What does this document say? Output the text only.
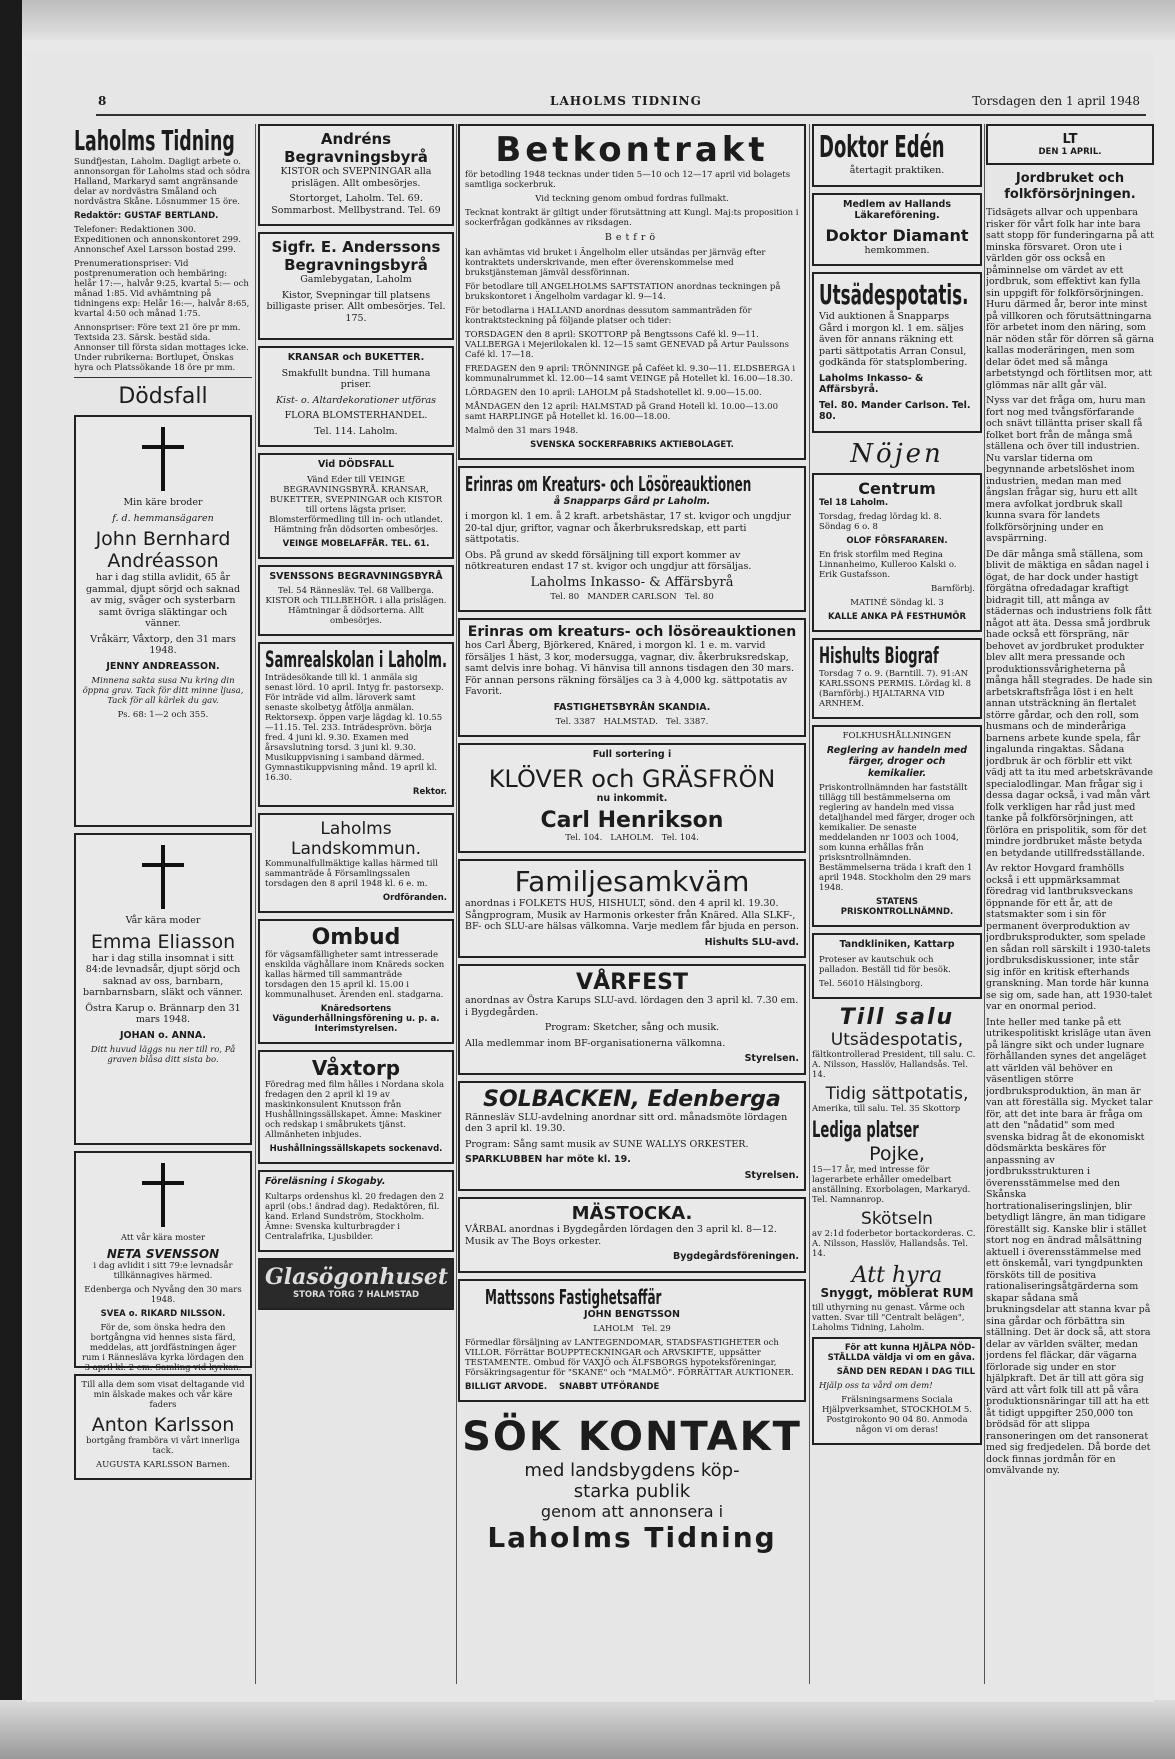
8	LAHOLMS TIDNING	Torsdagen den 1 april 1948
Laholms Tidning

Sundfjestan, Laholm. Dagligt arbete o. annonsorgan för Laholms stad och södra Halland, Markaryd samt angränsande delar av nordvästra Småland och nordvästra Skåne. Lösnummer 15 öre.

Redaktör: GUSTAF BERTLAND.

Telefoner: Redaktionen 300. Expeditionen och annonskontoret 299. Annonschef Axel Larsson bostad 299.

Prenumerationspriser: Vid postprenumeration och hembäring: helår 17:—, halvår 9:25, kvartal 5:— och månad 1:85. Vid avhämtning på tidningens exp: Helår 16:—, halvår 8:65, kvartal 4:50 och månad 1:75.

Annonspriser: Före text 21 öre pr mm. Textsida 23. Särsk. bestäd sida. Annonser till första sidan mottages icke. Under rubrikerna: Bortlupet, Önskas hyra och Platssökande 18 öre pr mm.

Dödsfall

Min käre broder

f. d. hemmansägaren

John Bernhard
Andréasson

har i dag stilla avlidit, 65 år gammal, djupt sörjd och saknad av mig, svåger och systerbarn samt övriga släktingar och vänner.

Vråkärr, Våxtorp, den 31 mars 1948.

JENNY ANDREASSON.

Minnena sakta susa Nu kring din öppna grav. Tack för ditt minne ljusa, Tack för all kärlek du gav.

Ps. 68: 1—2 och 355.

Vår kära moder

Emma Eliasson

har i dag stilla insomnat i sitt 84:de levnadsår, djupt sörjd och saknad av oss, barnbarn, barnbarnsbarn, släkt och vänner.

Östra Karup o. Brännarp den 31 mars 1948.

JOHAN o. ANNA.

Ditt huvud läggs nu ner till ro, På graven blåsa ditt sista bo.

Att vår kära moster

NETA SVENSSON

i dag avlidit i sitt 79:e levnadsår tillkännagives härmed.

Edenberga och Nyvång den 30 mars 1948.

SVEA o. RIKARD NILSSON.

För de, som önska hedra den bortgångna vid hennes sista färd, meddelas, att jordfästningen äger rum i Rännesläva kyrka lördagen den 3 april kl. 2 em. Samling vid kyrkan.

Till alla dem som visat deltagande vid min älskade makes och vår käre faders

Anton Karlsson

bortgång framböra vi vårt innerliga tack.

AUGUSTA KARLSSON Barnen.

Andréns Begravningsbyrå

KISTOR och SVEPNINGAR alla prislägen. Allt ombesörjes.

Stortorget, Laholm. Tel. 69. Sommarbost. Mellbystrand. Tel. 69

Sigfr. E. Anderssons Begravningsbyrå

Gamlebygatan, Laholm

Kistor, Svepningar till platsens billigaste priser. Allt ombesörjes. Tel. 175.

KRANSAR och BUKETTER.

Smakfullt bundna. Till humana priser.

Kist- o. Altardekorationer utföras

FLORA BLOMSTERHANDEL.

Tel. 114. Laholm.

Vid DÖDSFALL

Vänd Eder till VEINGE BEGRAVNINGSBYRÅ. KRANSAR, BUKETTER, SVEPNINGAR och KISTOR till ortens lägsta priser. Blomsterförmedling till in- och utlandet. Hämtning från dödsorten ombesörjes.

VEINGE MOBELAFFÄR. TEL. 61.

SVENSSONS BEGRAVNINGSBYRÅ

Tel. 54 Rännesläv. Tel. 68 Vallberga. KISTOR och TILLBEHÖR. i alla prislägen. Hämtningar å dödsorterna. Allt ombesörjes.

Samrealskolan i Laholm.

Inträdesökande till kl. 1 anmäla sig senast lörd. 10 april. Intyg fr. pastorsexp. För inträde vid allm. läroverk samt senaste skolbetyg åtfölja anmälan. Rektorsexp. öppen varje lägdag kl. 10.55—11.15. Tel. 233. Inträdesprövn. börja fred. 4 juni kl. 9.30. Examen med årsavslutning torsd. 3 juni kl. 9.30. Musikuppvisning i samband därmed. Gymnastikuppvisning månd. 19 april kl. 16.30.

Rektor.

Laholms
Landskommun.

Kommunalfullmäktige kallas härmed till sammanträde å Församlingssalen torsdagen den 8 april 1948 kl. 6 e. m.

Ordföranden.

Ombud

för vägsamfälligheter samt intresserade enskilda väghållare inom Knäreds socken kallas härmed till sammanträde torsdagen den 15 april kl. 15.00 i kommunalhuset. Ärenden enl. stadgarna.

Knäredsortens Vägunderhållningsförening u. p. a. Interimstyrelsen.

Våxtorp

Föredrag med film hålles i Nordana skola fredagen den 2 april kl 19 av maskinkonsulent Knutsson från Hushållningssällskapet. Ämne: Maskiner och redskap i småbrukets tjänst. Allmänheten inbjudes.

Hushållningssällskapets sockenavd.

Föreläsning i Skogaby.

Kultarps ordenshus kl. 20 fredagen den 2 april (obs.! ändrad dag). Redaktören, fil. kand. Erland Sundström, Stockholm. Ämne: Svenska kulturbragder i Centralafrika, Ljusbilder.

Glasögonhuset

STORA TORG 7 HALMSTAD

Betkontrakt

för betodling 1948 tecknas under tiden 5—10 och 12—17 april vid bolagets samtliga sockerbruk.

Vid teckning genom ombud fordras fullmakt.

Tecknat kontrakt är giltigt under förutsättning att Kungl. Maj:ts proposition i sockerfrågan godkännes av riksdagen.

Betfrö

kan avhämtas vid bruket i Ängelholm eller utsändas per järnväg efter kontraktets underskrivande, men efter överenskommelse med brukstjänsteman jämväl dessförinnan.

För betodlare till ANGELHOLMS SAFTSTATION anordnas teckningen på brukskontoret i Ängelholm vardagar kl. 9—14.

För betodlarna i HALLAND anordnas dessutom sammanträden för kontraktsteckning på följande platser och tider:

TORSDAGEN den 8 april: SKOTTORP på Bengtssons Café kl. 9—11. VALLBERGA i Mejerilokalen kl. 12—15 samt GENEVAD på Artur Paulssons Café kl. 17—18.

FREDAGEN den 9 april: TRÖNNINGE på Caféet kl. 9.30—11. ELDSBERGA i kommunalrummet kl. 12.00—14 samt VEINGE på Hotellet kl. 16.00—18.30.

LÖRDAGEN den 10 april: LAHOLM på Stadshotellet kl. 9.00—15.00.

MÅNDAGEN den 12 april: HALMSTAD på Grand Hotell kl. 10.00—13.00 samt HARPLINGE på Hotellet kl. 16.00—18.00.

Malmö den 31 mars 1948.

SVENSKA SOCKERFABRIKS AKTIEBOLAGET.

Erinras om Kreaturs- och Lösöreauktionen

å Snapparps Gård pr Laholm.

i morgon kl. 1 em. å 2 kraft. arbetshästar, 17 st. kvigor och ungdjur 20-tal djur, griftor, vagnar och åkerbruksredskap, ett parti sättpotatis.

Obs. På grund av skedd försäljning till export kommer av nötkreaturen endast 17 st. kvigor och ungdjur att försäljas.

Laholms Inkasso- & Affärsbyrå

Tel. 80 MANDER CARLSON Tel. 80

Erinras om kreaturs- och lösöreauktionen

hos Carl Åberg, Björkered, Knäred, i morgon kl. 1 e. m. varvid försäljes 1 häst, 3 kor, modersugga, vagnar, div. åkerbruksredskap, samt delvis inre bohag. Vi hänvisa till annons tisdagen den 30 mars. För annan persons räkning försäljes ca 3 à 4,000 kg. sättpotatis av Favorit.

FASTIGHETSBYRÅN SKANDIA.

Tel. 3387 HALMSTAD. Tel. 3387.

Full sortering i

KLÖVER och GRÄSFRÖN

nu inkommit.

Carl Henrikson

Tel. 104. LAHOLM. Tel. 104.

Familjesamkväm

anordnas i FOLKETS HUS, HISHULT, sönd. den 4 april kl. 19.30. Sångprogram, Musik av Harmonis orkester från Knäred. Alla SLKF-, BF- och SLU-are hälsas välkomna. Varje medlem får bjuda en person.

Hishults SLU-avd.

VÅRFEST

anordnas av Östra Karups SLU-avd. lördagen den 3 april kl. 7.30 em. i Bygdegården.

Program: Sketcher, sång och musik.

Alla medlemmar inom BF-organisationerna välkomna.

Styrelsen.

SOLBACKEN, Edenberga

Rännesläv SLU-avdelning anordnar sitt ord. månadsmöte lördagen den 3 april kl. 19.30.

Program: Sång samt musik av SUNE WALLYS ORKESTER.

SPARKLUBBEN har möte kl. 19.

Styrelsen.

MÄSTOCKA.

VÅRBAL anordnas i Bygdegården lördagen den 3 april kl. 8—12. Musik av The Boys orkester.

Bygdegårdsföreningen.

Mattssons Fastighetsaffär

JOHN BENGTSSON

LAHOLM Tel. 29

Förmedlar försäljning av LANTEGENDOMAR, STADSFASTIGHETER och VILLOR. Förrättar BOUPPTECKNINGAR och ARVSKIFTE, uppsätter TESTAMENTE. Ombud för VAXJÖ och ÄLFSBORGS hypoteksföreningar, Försäkringsagentur för "SKANE" och "MALMÖ". FÖRRÄTTAR AUKTIONER.

BILLIGT ARVODE. SNABBT UTFÖRANDE

SÖK KONTAKT
med landsbygdens köp-
starka publik
genom att annonsera i
Laholms Tidning
Doktor Edén

återtagit praktiken.

Medlem av Hallands Läkareförening.

Doktor Diamant

hemkommen.

Utsädespotatis.

Vid auktionen å Snapparps Gård i morgon kl. 1 em. säljes även för annans räkning ett parti sättpotatis Arran Consul, godkända för statsplombering.

Laholms Inkasso- & Affärsbyrå.

Tel. 80. Mander Carlson. Tel. 80.

Nöjen
Centrum

Tel 18 Laholm.

Torsdag, fredag lördag kl. 8. Söndag 6 o. 8

OLOF FÖRSFARAREN.

En frisk storfilm med Regina Linnanheimo, Kulleroo Kalski o. Erik Gustafsson.

Barnförbj.

MATINÉ Söndag kl. 3

KALLE ANKA PÅ FESTHUMÖR

Hishults Biograf

Torsdag 7 o. 9. (Barntill. 7). 91:AN KARLSSONS PERMIS. Lördag kl. 8 (Barnförbj.) HJALTARNA VID ARNHEM.

FOLKHUSHÅLLNINGEN

Reglering av handeln med färger, droger och kemikalier.

Priskontrollnämnden har fastställt tillägg till bestämmelserna om reglering av handeln med vissa detaljhandel med färger, droger och kemikalier. De senaste meddelanden nr 1003 och 1004, som kunna erhållas från prisksntrollnämnden. Bestämmelserna träda i kraft den 1 april 1948. Stockholm den 29 mars 1948.

STATENS PRISKONTROLLNÄMND.

Tandkliniken, Kattarp

Proteser av kautschuk och palladon. Beställ tid för besök.

Tel. 56010 Hälsingborg.

Till salu
Utsädespotatis,

fältkontrollerad President, till salu. C. A. Nilsson, Hasslöv, Hallandsås. Tel. 14.

Tidig sättpotatis,

Amerika, till salu. Tel. 35 Skottorp

Lediga platser
Pojke,

15—17 år, med intresse för lagerarbete erhåller omedelbart anställning. Exorbolagen, Markaryd. Tel. Namnanrop.

Skötseln

av 2:1d foderbetor bortackorderas. C. A. Nilsson, Hasslöv, Hallandsås. Tel. 14.

Att hyra

Snyggt, möblerat RUM

till uthyrning nu genast. Vårme och vatten. Svar till "Centralt belägen", Laholms Tidning, Laholm.

För att kunna HJÄLPA NÖD-STÄLLDA väldja vi om en gåva.

SÄND DEN REDAN I DAG TILL

Hjälp oss ta vård om dem!

Frälsningsarmens Sociala Hjälpverksamhet, STOCKHOLM 5. Postgirokonto 90 04 80. Anmoda någon vi om deras!

LT

DEN 1 APRIL.

Jordbruket och folkförsörjningen.

Tidsägets allvar och uppenbara risker för vårt folk har inte bara satt stopp för funderingarna på att minska försvaret. Oron ute i världen gör oss också en påminnelse om värdet av ett jordbruk, som effektivt kan fylla sin uppgift för folkförsörjningen. Huru därmed år, beror inte minst på villkoren och förutsättningarna för arbetet inom den näring, som när nöden står för dörren så gärna kallas moderäringen, men som delar ödet med så många arbetstyngd och förtlitsen mor, att glömmas när allt går väl.

Nyss var det fråga om, huru man fort nog med tvångsförfarande och snävt tilläntta priser skall få folket bort från de många små ställena och över till industrien. Nu varslar tiderna om begynnande arbetslöshet inom industrien, medan man med ångslan frågar sig, huru ett allt mera avfolkat jordbruk skall kunna svara för landets folkförsörjning under en avspärrning.

De där många små ställena, som blivit de mäktiga en sådan nagel i ögat, de har dock under hastigt förgätna ofredadagar kraftigt bidragit till, att många av städernas och industriens folk fått något att äta. Dessa små jordbruk hade också ett förspräng, när behovet av jordbruket produkter blev allt mera pressande och produktionssvårigheterna på många håll stegrades. De hade sin arbetskraftsfråga löst i en helt annan utsträckning än flertalet större gårdar, och den roll, som husmans och de minderåriga barnens arbete kunde spela, får ingalunda ringaktas. Sådana jordbruk är och förblir ett vikt vädj att ta itu med arbetskrävande specialodlingar. Man frågar sig i dessa dagar också, i vad mån vårt folk verkligen har råd just med tanke på folkförsörjningen, att förlöra en prispolitik, som för det mindre jordbruket måste betyda en betydande utillfredsställande.

Av rektor Hovgard framhölls också i ett uppmärksammat föredrag vid lantbruksveckans öppnande för ett år, att de statsmakter som i sin för permanent överproduktion av jordbruksprodukter, som spelade en sådan roll särskilt i 1930-talets jordbruksdiskussioner, inte står sig inför en kritisk efterhands granskning. Man torde här kunna se sig om, sade han, att 1930-talet var en onormal period.

Inte heller med tanke på ett utrikespolitiskt krisläge utan även på längre sikt och under lugnare förhållanden synes det angeläget att världen väl behöver en väsentligen större jordbruksproduktion, än man är van att föreställa sig. Mycket talar för, att det inte bara är fråga om att den "nådatid" som med svenska bidrag åt de ekonomiskt dödsmärkta beskäres för anpassning av jordbruksstrukturen i överensstämmelse med den Skånska hortrationaliseringslinjen, blir betydligt längre, än man tidigare föreställt sig. Kanske blir i stället stort nog en ändrad målsättning aktuell i överensstämmelse med ett önskemål, vari tyngdpunkten försköts till de positiva rationaliseringsåtgärderna som skapar sådana små brukningsdelar att stanna kvar på sina gårdar och förbättra sin ställning. Det är dock så, att stora delar av världen svälter, medan jordens fel fläckar, där vägarna förlorade sig under en stor hjälpkraft. Det är till att göra sig värd att vårt folk till att på våra produktionsnäringar till att ha ett åt tidigt uppgifter 250,000 ton brödsäd för att slippa ransoneringen om det ransonerat med sig fredjedelen. Då borde det dock finnas jordmån för en omvälvande ny.
